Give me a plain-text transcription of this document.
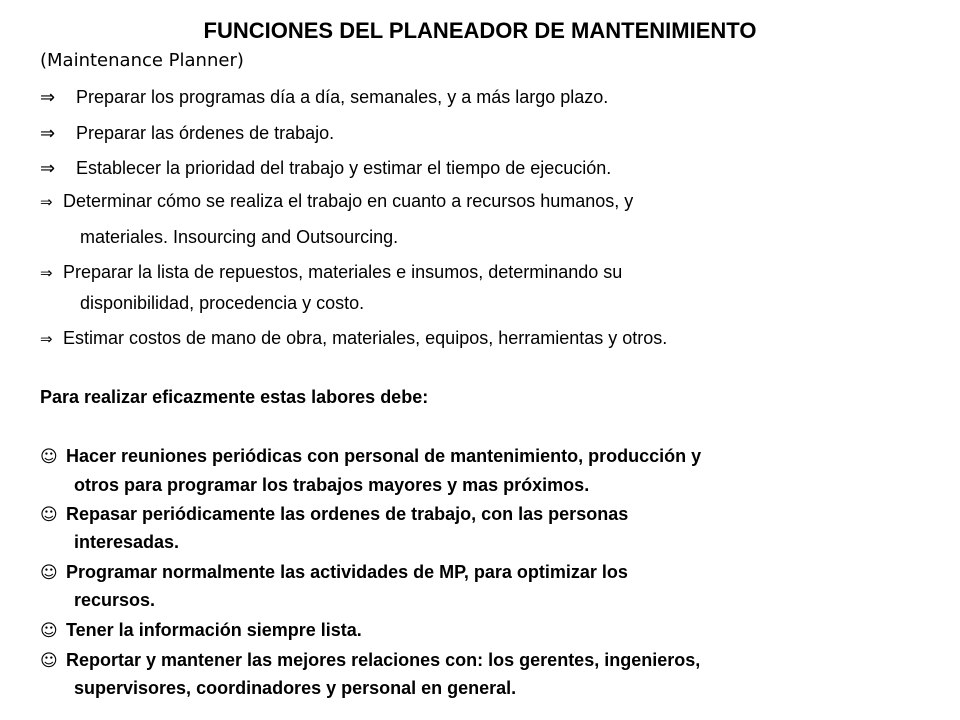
FUNCIONES DEL PLANEADOR DE MANTENIMIENTO
(Maintenance Planner)
⇒ Preparar los programas día a día, semanales, y a más largo plazo.
⇒ Preparar las órdenes de trabajo.
⇒ Establecer la prioridad del trabajo y estimar el tiempo de ejecución.
⇒ Determinar cómo se realiza el trabajo en cuanto a recursos humanos, y
materiales. Insourcing and Outsourcing.
⇒ Preparar la lista de repuestos, materiales e insumos, determinando su
disponibilidad, procedencia y costo.
⇒ Estimar costos de mano de obra, materiales, equipos, herramientas y otros.
Para realizar eficazmente estas labores debe:
☺ Hacer reuniones periódicas con personal de mantenimiento, producción y
otros para programar los trabajos mayores y mas próximos.
☺ Repasar periódicamente las ordenes de trabajo, con las personas
interesadas.
☺ Programar normalmente las actividades de MP, para optimizar los
recursos.
☺ Tener la información siempre lista.
☺ Reportar y mantener las mejores relaciones con: los gerentes, ingenieros,
supervisores, coordinadores y personal en general.
